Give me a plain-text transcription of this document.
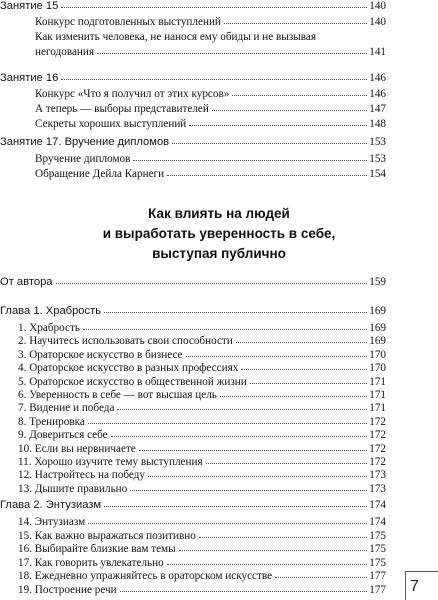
Занятие 15	140
Конкурс подготовленных выступлений	140
Как изменить человека, не нанося ему обиды и не вызывая
негодования	141
Занятие 16	146
Конкурс «Что я получил от этих курсов»	146
А теперь — выборы представителей	147
Секреты хороших выступлений	148
Занятие 17. Вручение дипломов	153
Вручение дипломов	153
Обращение Дейла Карнеги	154
Как влиять на людей
и выработать уверенность в себе,
выступая публично
От автора	159
Глава 1. Храбрость	169
1. Храбрость	169
2. Научитесь использовать свои способности	169
3. Ораторское искусство в бизнесе	170
4. Ораторское искусство в разных профессиях	170
5. Ораторское искусство в общественной жизни	171
6. Уверенность в себе — вот высшая цель	171
7. Видение и победа	171
8. Тренировка	172
9. Довериться себе	172
10. Если вы нервничаете	172
11. Хорошо изучите тему выступления	172
12. Настройтесь на победу	173
13. Дышите правильно	173
Глава 2. Энтузиазм	174
14. Энтузиазм	174
15. Как важно выражаться позитивно	175
16. Выбирайте близкие вам темы	175
17. Как говорить увлекательно	175
18. Ежедневно упражняйтесь в ораторском искусстве	177
19. Построение речи	177 7
